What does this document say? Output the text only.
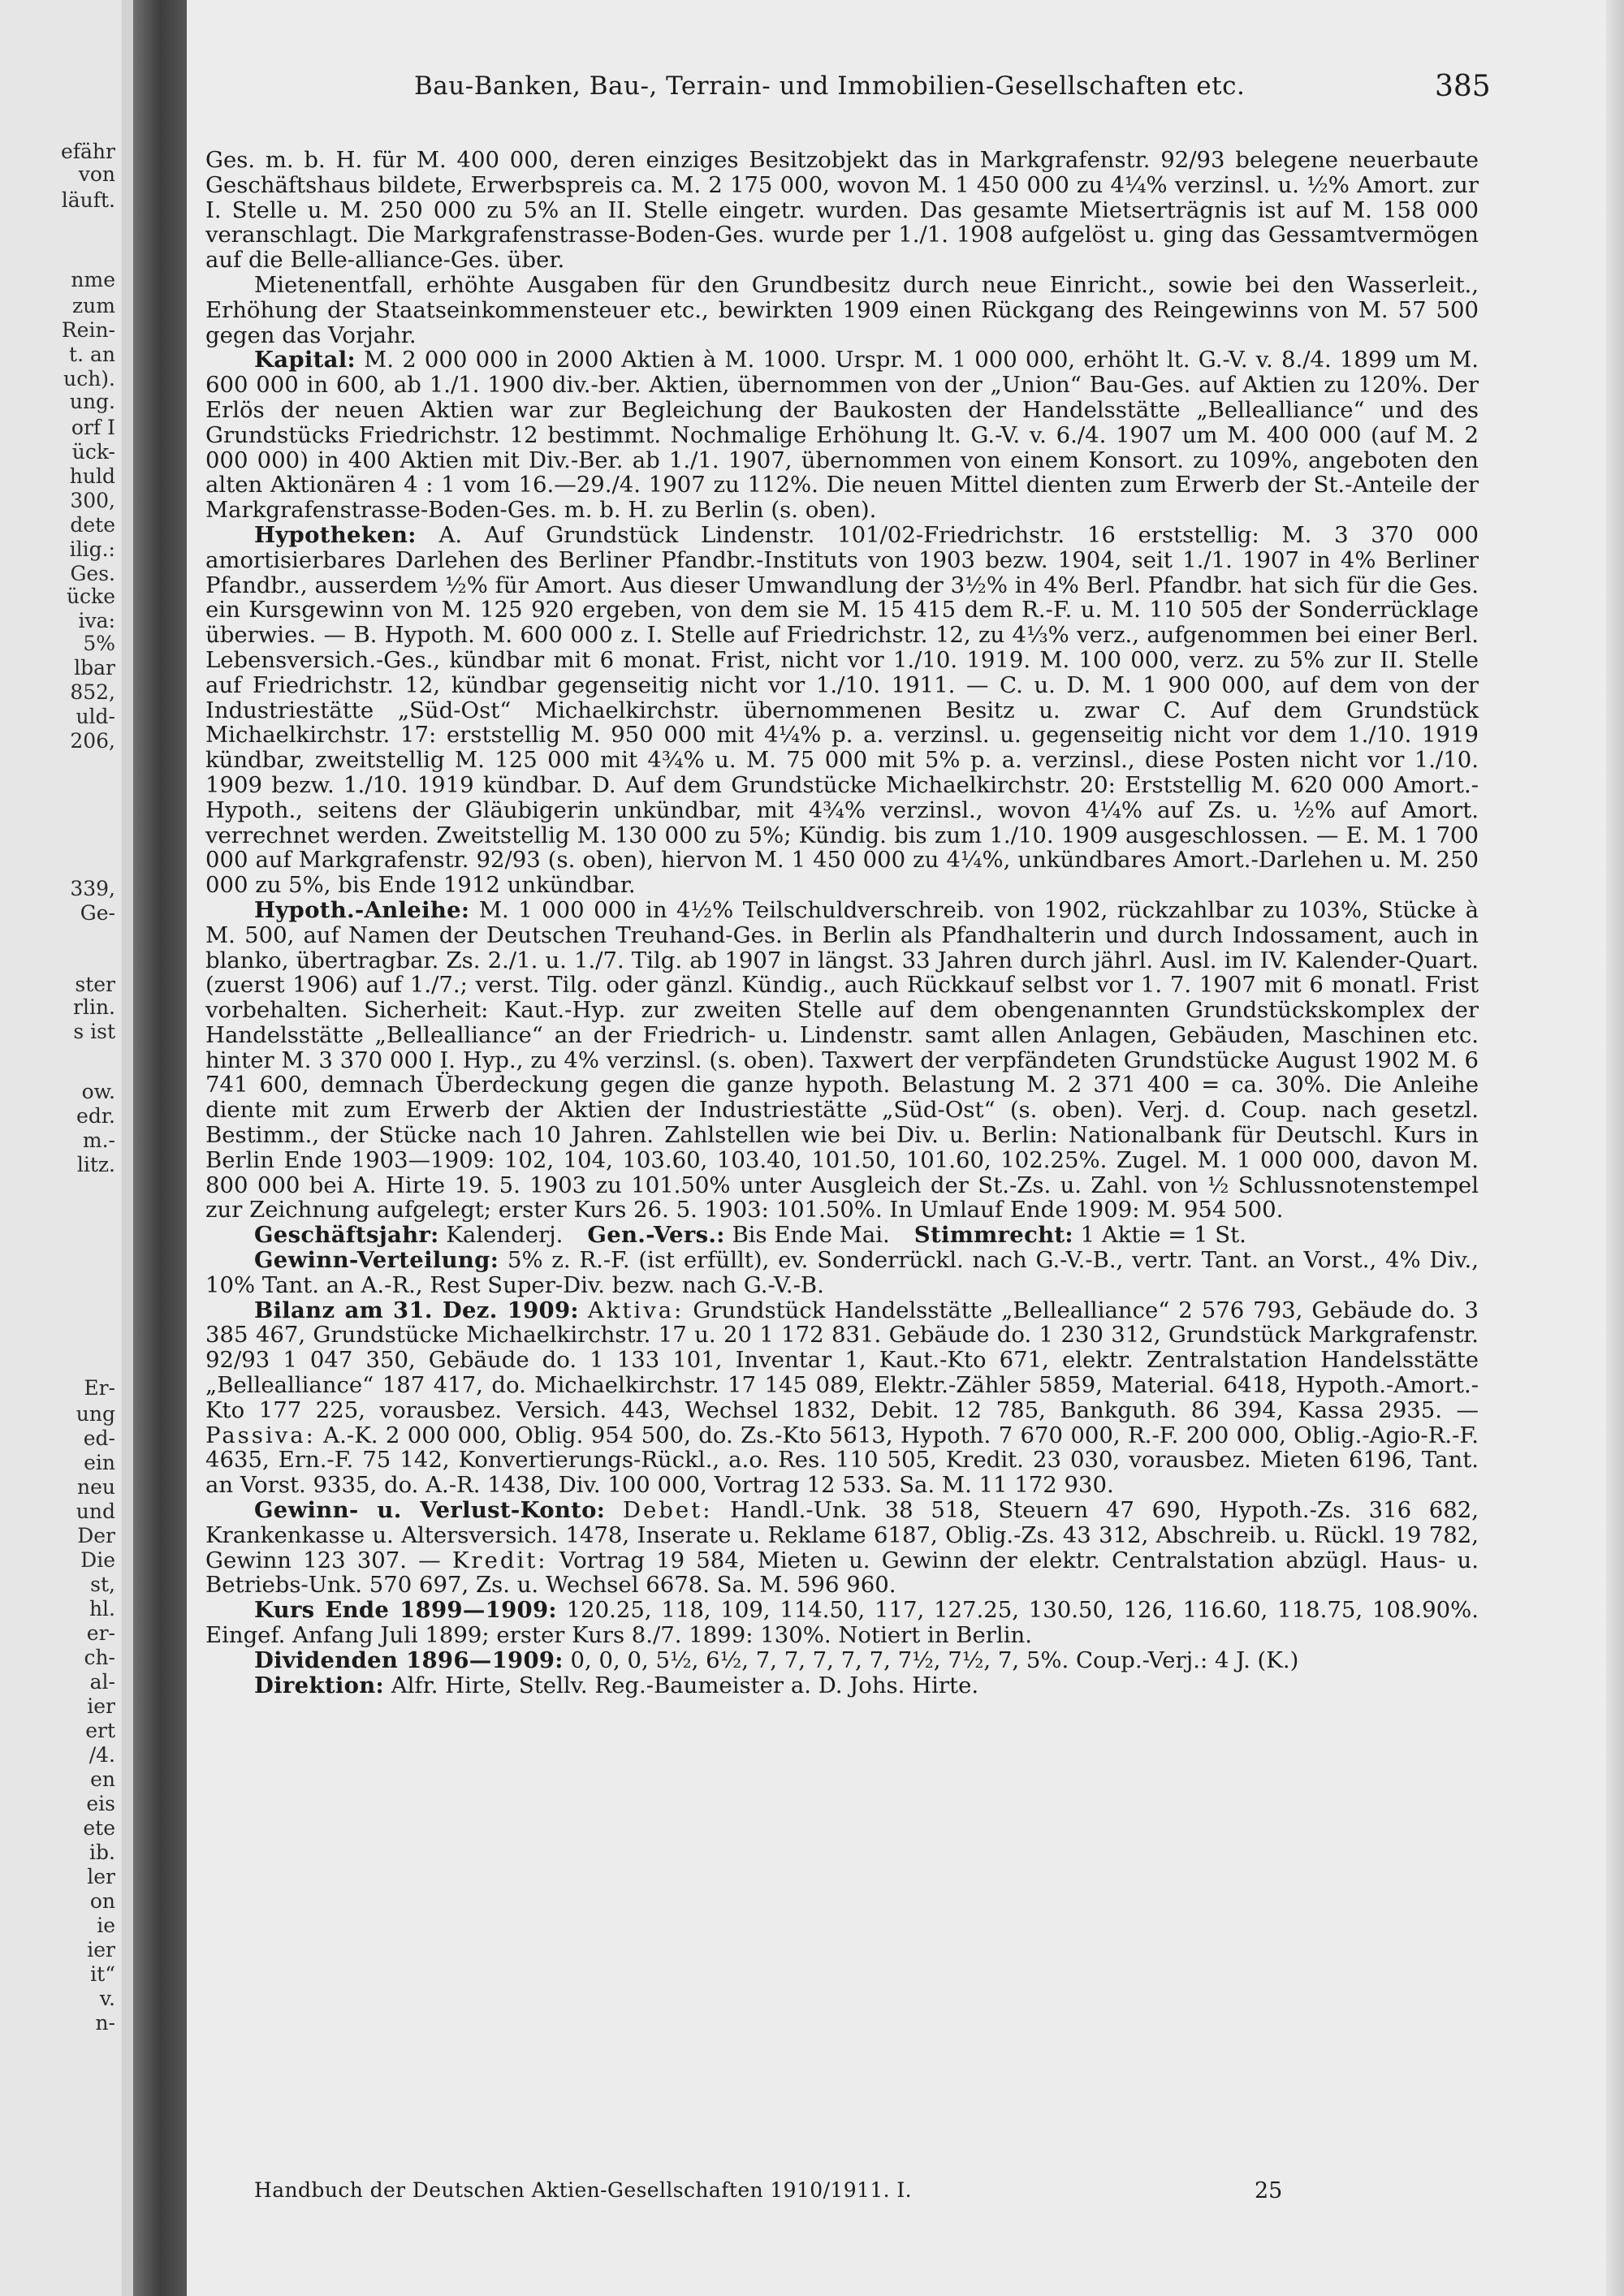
efähr
von
läuft.
nme
zum
Rein-
t. an
uch).
ung.
orf I
ück-
huld
300,
dete
ilig.:
Ges.
ücke
iva:
5%
lbar
852,
uld-
206,
339,
Ge-
ster
rlin.
s ist
ow.
edr.
m.-
litz.
Er-
ung
ed-
ein
neu
und
Der
Die
st,
hl.
er-
ch-
al-
ier
ert
/4.
en
eis
ete
ib.
ler
on
ie
ier
it“
v.
n-
Bau-Banken, Bau-, Terrain- und Immobilien-Gesellschaften etc.	385

Ges. m. b. H. für M. 400 000, deren einziges Besitzobjekt das in Markgrafenstr. 92/93 belegene neuerbaute Geschäftshaus bildete, Erwerbspreis ca. M. 2 175 000, wovon M. 1 450 000 zu 4¼% verzinsl. u. ½% Amort. zur I. Stelle u. M. 250 000 zu 5% an II. Stelle eingetr. wurden. Das gesamte Mietserträgnis ist auf M. 158 000 veranschlagt. Die Markgrafenstrasse-Boden-Ges. wurde per 1./1. 1908 aufgelöst u. ging das Gessamtvermögen auf die Belle-alliance-Ges. über.

Mietenentfall, erhöhte Ausgaben für den Grundbesitz durch neue Einricht., sowie bei den Wasserleit., Erhöhung der Staatseinkommensteuer etc., bewirkten 1909 einen Rückgang des Reingewinns von M. 57 500 gegen das Vorjahr.

Kapital: M. 2 000 000 in 2000 Aktien à M. 1000. Urspr. M. 1 000 000, erhöht lt. G.-V. v. 8./4. 1899 um M. 600 000 in 600, ab 1./1. 1900 div.-ber. Aktien, übernommen von der „Union“ Bau-Ges. auf Aktien zu 120%. Der Erlös der neuen Aktien war zur Begleichung der Baukosten der Handelsstätte „Bellealliance“ und des Grundstücks Friedrichstr. 12 bestimmt. Nochmalige Erhöhung lt. G.-V. v. 6./4. 1907 um M. 400 000 (auf M. 2 000 000) in 400 Aktien mit Div.-Ber. ab 1./1. 1907, übernommen von einem Konsort. zu 109%, angeboten den alten Aktionären 4 : 1 vom 16.—29./4. 1907 zu 112%. Die neuen Mittel dienten zum Erwerb der St.-Anteile der Markgrafenstrasse-Boden-Ges. m. b. H. zu Berlin (s. oben).

Hypotheken: A. Auf Grundstück Lindenstr. 101/02-Friedrichstr. 16 erststellig: M. 3 370 000 amortisierbares Darlehen des Berliner Pfandbr.-Instituts von 1903 bezw. 1904, seit 1./1. 1907 in 4% Berliner Pfandbr., ausserdem ½% für Amort. Aus dieser Umwandlung der 3½% in 4% Berl. Pfandbr. hat sich für die Ges. ein Kursgewinn von M. 125 920 ergeben, von dem sie M. 15 415 dem R.-F. u. M. 110 505 der Sonderrücklage überwies. — B. Hypoth. M. 600 000 z. I. Stelle auf Friedrichstr. 12, zu 4⅓% verz., aufgenommen bei einer Berl. Lebensversich.-Ges., kündbar mit 6 monat. Frist, nicht vor 1./10. 1919. M. 100 000, verz. zu 5% zur II. Stelle auf Friedrichstr. 12, kündbar gegenseitig nicht vor 1./10. 1911. — C. u. D. M. 1 900 000, auf dem von der Industriestätte „Süd-Ost“ Michaelkirchstr. übernommenen Besitz u. zwar C. Auf dem Grundstück Michaelkirchstr. 17: erststellig M. 950 000 mit 4¼% p. a. verzinsl. u. gegenseitig nicht vor dem 1./10. 1919 kündbar, zweitstellig M. 125 000 mit 4¾% u. M. 75 000 mit 5% p. a. verzinsl., diese Posten nicht vor 1./10. 1909 bezw. 1./10. 1919 kündbar. D. Auf dem Grundstücke Michaelkirchstr. 20: Erststellig M. 620 000 Amort.-Hypoth., seitens der Gläubigerin unkündbar, mit 4¾% verzinsl., wovon 4¼% auf Zs. u. ½% auf Amort. verrechnet werden. Zweitstellig M. 130 000 zu 5%; Kündig. bis zum 1./10. 1909 ausgeschlossen. — E. M. 1 700 000 auf Markgrafenstr. 92/93 (s. oben), hiervon M. 1 450 000 zu 4¼%, unkündbares Amort.-Darlehen u. M. 250 000 zu 5%, bis Ende 1912 unkündbar.

Hypoth.-Anleihe: M. 1 000 000 in 4½% Teilschuldverschreib. von 1902, rückzahlbar zu 103%, Stücke à M. 500, auf Namen der Deutschen Treuhand-Ges. in Berlin als Pfandhalterin und durch Indossament, auch in blanko, übertragbar. Zs. 2./1. u. 1./7. Tilg. ab 1907 in längst. 33 Jahren durch jährl. Ausl. im IV. Kalender-Quart. (zuerst 1906) auf 1./7.; verst. Tilg. oder gänzl. Kündig., auch Rückkauf selbst vor 1. 7. 1907 mit 6 monatl. Frist vorbehalten. Sicherheit: Kaut.-Hyp. zur zweiten Stelle auf dem obengenannten Grundstückskomplex der Handelsstätte „Bellealliance“ an der Friedrich- u. Lindenstr. samt allen Anlagen, Gebäuden, Maschinen etc. hinter M. 3 370 000 I. Hyp., zu 4% verzinsl. (s. oben). Taxwert der verpfändeten Grundstücke August 1902 M. 6 741 600, demnach Überdeckung gegen die ganze hypoth. Belastung M. 2 371 400 = ca. 30%. Die Anleihe diente mit zum Erwerb der Aktien der Industriestätte „Süd-Ost“ (s. oben). Verj. d. Coup. nach gesetzl. Bestimm., der Stücke nach 10 Jahren. Zahlstellen wie bei Div. u. Berlin: Nationalbank für Deutschl. Kurs in Berlin Ende 1903—1909: 102, 104, 103.60, 103.40, 101.50, 101.60, 102.25%. Zugel. M. 1 000 000, davon M. 800 000 bei A. Hirte 19. 5. 1903 zu 101.50% unter Ausgleich der St.-Zs. u. Zahl. von ½ Schlussnotenstempel zur Zeichnung aufgelegt; erster Kurs 26. 5. 1903: 101.50%. In Umlauf Ende 1909: M. 954 500.

Geschäftsjahr: Kalenderj. Gen.-Vers.: Bis Ende Mai. Stimmrecht: 1 Aktie = 1 St.

Gewinn-Verteilung: 5% z. R.-F. (ist erfüllt), ev. Sonderrückl. nach G.-V.-B., vertr. Tant. an Vorst., 4% Div., 10% Tant. an A.-R., Rest Super-Div. bezw. nach G.-V.-B.

Bilanz am 31. Dez. 1909: Aktiva: Grundstück Handelsstätte „Bellealliance“ 2 576 793, Gebäude do. 3 385 467, Grundstücke Michaelkirchstr. 17 u. 20 1 172 831. Gebäude do. 1 230 312, Grundstück Markgrafenstr. 92/93 1 047 350, Gebäude do. 1 133 101, Inventar 1, Kaut.-Kto 671, elektr. Zentralstation Handelsstätte „Bellealliance“ 187 417, do. Michaelkirchstr. 17 145 089, Elektr.-Zähler 5859, Material. 6418, Hypoth.-Amort.-Kto 177 225, vorausbez. Versich. 443, Wechsel 1832, Debit. 12 785, Bankguth. 86 394, Kassa 2935. — Passiva: A.-K. 2 000 000, Oblig. 954 500, do. Zs.-Kto 5613, Hypoth. 7 670 000, R.-F. 200 000, Oblig.-Agio-R.-F. 4635, Ern.-F. 75 142, Konvertierungs-Rückl., a.o. Res. 110 505, Kredit. 23 030, vorausbez. Mieten 6196, Tant. an Vorst. 9335, do. A.-R. 1438, Div. 100 000, Vortrag 12 533. Sa. M. 11 172 930.

Gewinn- u. Verlust-Konto: Debet: Handl.-Unk. 38 518, Steuern 47 690, Hypoth.-Zs. 316 682, Krankenkasse u. Altersversich. 1478, Inserate u. Reklame 6187, Oblig.-Zs. 43 312, Abschreib. u. Rückl. 19 782, Gewinn 123 307. — Kredit: Vortrag 19 584, Mieten u. Gewinn der elektr. Centralstation abzügl. Haus- u. Betriebs-Unk. 570 697, Zs. u. Wechsel 6678. Sa. M. 596 960.

Kurs Ende 1899—1909: 120.25, 118, 109, 114.50, 117, 127.25, 130.50, 126, 116.60, 118.75, 108.90%. Eingef. Anfang Juli 1899; erster Kurs 8./7. 1899: 130%. Notiert in Berlin.

Dividenden 1896—1909: 0, 0, 0, 5½, 6½, 7, 7, 7, 7, 7, 7½, 7½, 7, 5%. Coup.-Verj.: 4 J. (K.)

Direktion: Alfr. Hirte, Stellv. Reg.-Baumeister a. D. Johs. Hirte.

Handbuch der Deutschen Aktien-Gesellschaften 1910/1911. I.	25
